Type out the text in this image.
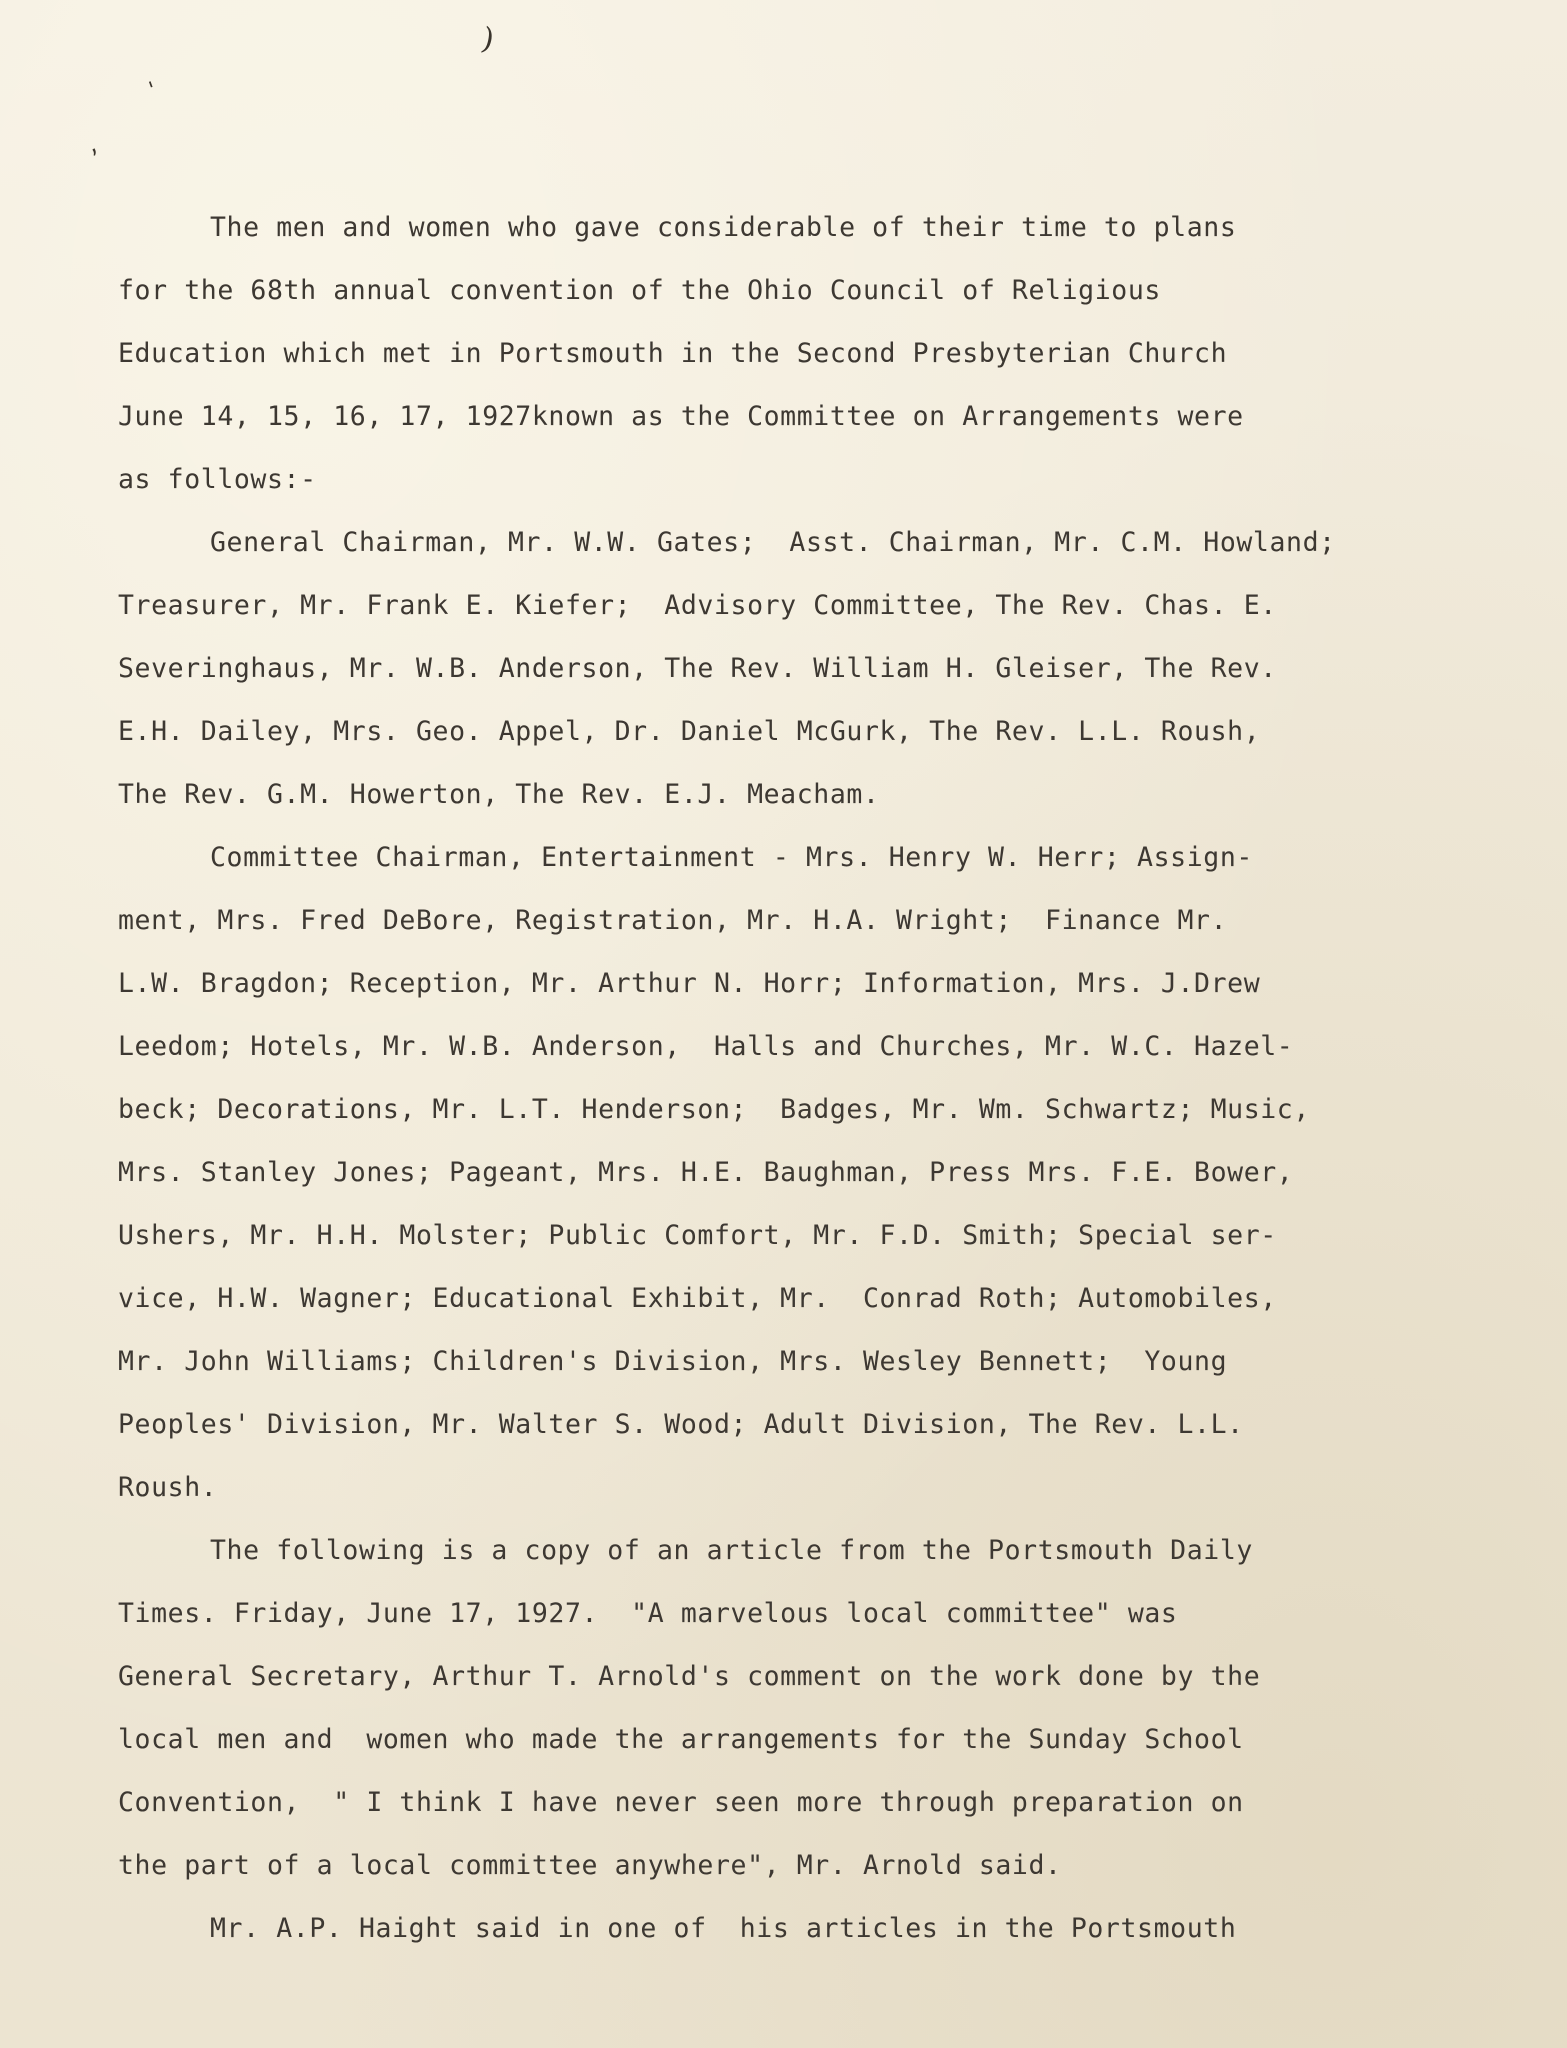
)
'
,
The men and women who gave considerable of their time to plans
for the 68th annual convention of the Ohio Council of Religious
Education which met in Portsmouth in the Second Presbyterian Church
June 14, 15, 16, 17, 1927known as the Committee on Arrangements were
as follows:-
General Chairman, Mr. W.W. Gates;  Asst. Chairman, Mr. C.M. Howland;
Treasurer, Mr. Frank E. Kiefer;  Advisory Committee, The Rev. Chas. E.
Severinghaus, Mr. W.B. Anderson, The Rev. William H. Gleiser, The Rev.
E.H. Dailey, Mrs. Geo. Appel, Dr. Daniel McGurk, The Rev. L.L. Roush,
The Rev. G.M. Howerton, The Rev. E.J. Meacham.
Committee Chairman, Entertainment - Mrs. Henry W. Herr; Assign-
ment, Mrs. Fred DeBore, Registration, Mr. H.A. Wright;  Finance Mr.
L.W. Bragdon; Reception, Mr. Arthur N. Horr; Information, Mrs. J.Drew
Leedom; Hotels, Mr. W.B. Anderson,  Halls and Churches, Mr. W.C. Hazel-
beck; Decorations, Mr. L.T. Henderson;  Badges, Mr. Wm. Schwartz; Music,
Mrs. Stanley Jones; Pageant, Mrs. H.E. Baughman, Press Mrs. F.E. Bower,
Ushers, Mr. H.H. Molster; Public Comfort, Mr. F.D. Smith; Special ser-
vice, H.W. Wagner; Educational Exhibit, Mr.  Conrad Roth; Automobiles,
Mr. John Williams; Children's Division, Mrs. Wesley Bennett;  Young
Peoples' Division, Mr. Walter S. Wood; Adult Division, The Rev. L.L.
Roush.
The following is a copy of an article from the Portsmouth Daily
Times. Friday, June 17, 1927.  "A marvelous local committee" was
General Secretary, Arthur T. Arnold's comment on the work done by the
local men and  women who made the arrangements for the Sunday School
Convention,  " I think I have never seen more through preparation on
the part of a local committee anywhere", Mr. Arnold said.
Mr. A.P. Haight said in one of  his articles in the Portsmouth
